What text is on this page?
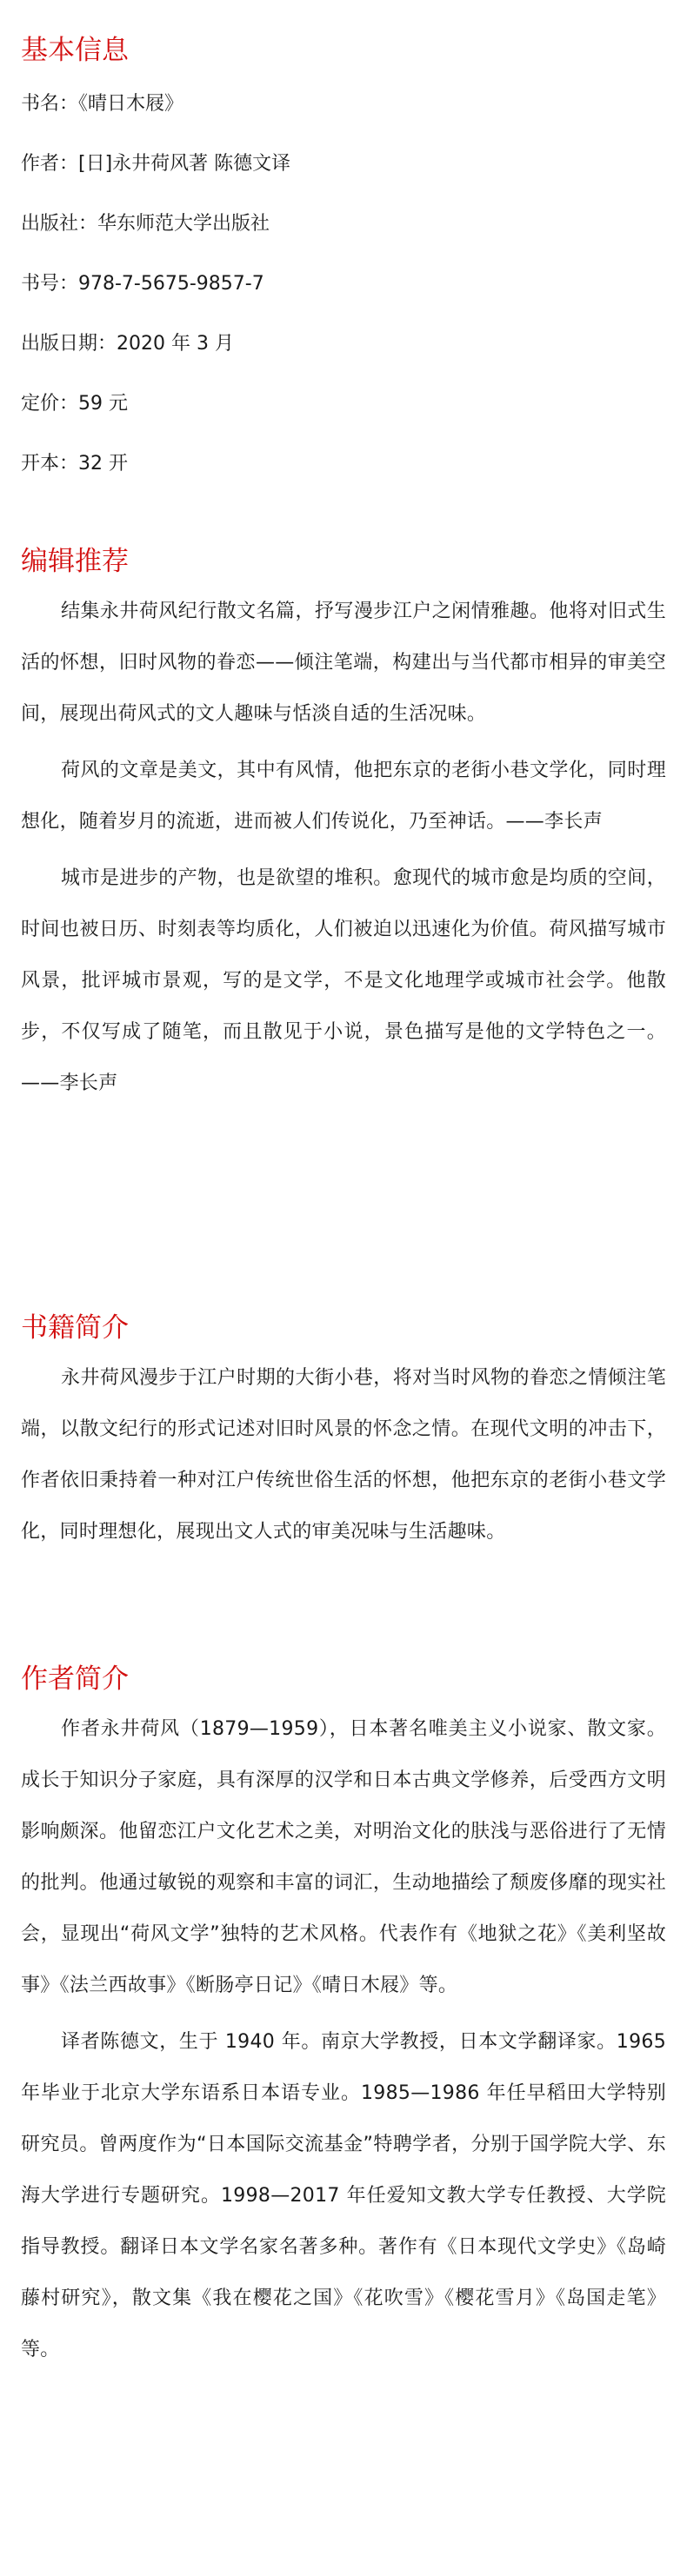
基本信息

书名：《晴日木屐》

作者：[日]永井荷风著 陈德文译

出版社：华东师范大学出版社

书号：978-7-5675-9857-7

出版日期：2020 年 3 月

定价：59 元

开本：32 开

编辑推荐

结集永井荷风纪行散文名篇，抒写漫步江户之闲情雅趣。他将对旧式生活的怀想，旧时风物的眷恋——倾注笔端，构建出与当代都市相异的审美空间，展现出荷风式的文人趣味与恬淡自适的生活况味。

荷风的文章是美文，其中有风情，他把东京的老街小巷文学化，同时理想化，随着岁月的流逝，进而被人们传说化，乃至神话。——李长声

城市是进步的产物，也是欲望的堆积。愈现代的城市愈是均质的空间，时间也被日历、时刻表等均质化，人们被迫以迅速化为价值。荷风描写城市风景，批评城市景观，写的是文学，不是文化地理学或城市社会学。他散步，不仅写成了随笔，而且散见于小说，景色描写是他的文学特色之一。——李长声

书籍简介

永井荷风漫步于江户时期的大街小巷，将对当时风物的眷恋之情倾注笔端，以散文纪行的形式记述对旧时风景的怀念之情。在现代文明的冲击下，作者依旧秉持着一种对江户传统世俗生活的怀想，他把东京的老街小巷文学化，同时理想化，展现出文人式的审美况味与生活趣味。

作者简介

作者永井荷风（1879—1959），日本著名唯美主义小说家、散文家。成长于知识分子家庭，具有深厚的汉学和日本古典文学修养，后受西方文明影响颇深。他留恋江户文化艺术之美，对明治文化的肤浅与恶俗进行了无情的批判。他通过敏锐的观察和丰富的词汇，生动地描绘了颓废侈靡的现实社会，显现出“荷风文学”独特的艺术风格。代表作有《地狱之花》《美利坚故事》《法兰西故事》《断肠亭日记》《晴日木屐》等。

译者陈德文，生于 1940 年。南京大学教授，日本文学翻译家。1965 年毕业于北京大学东语系日本语专业。1985—1986 年任早稻田大学特别研究员。曾两度作为“日本国际交流基金”特聘学者，分别于国学院大学、东海大学进行专题研究。1998—2017 年任爱知文教大学专任教授、大学院指导教授。翻译日本文学名家名著多种。著作有《日本现代文学史》《岛崎藤村研究》，散文集《我在樱花之国》《花吹雪》《樱花雪月》《岛国走笔》等。
